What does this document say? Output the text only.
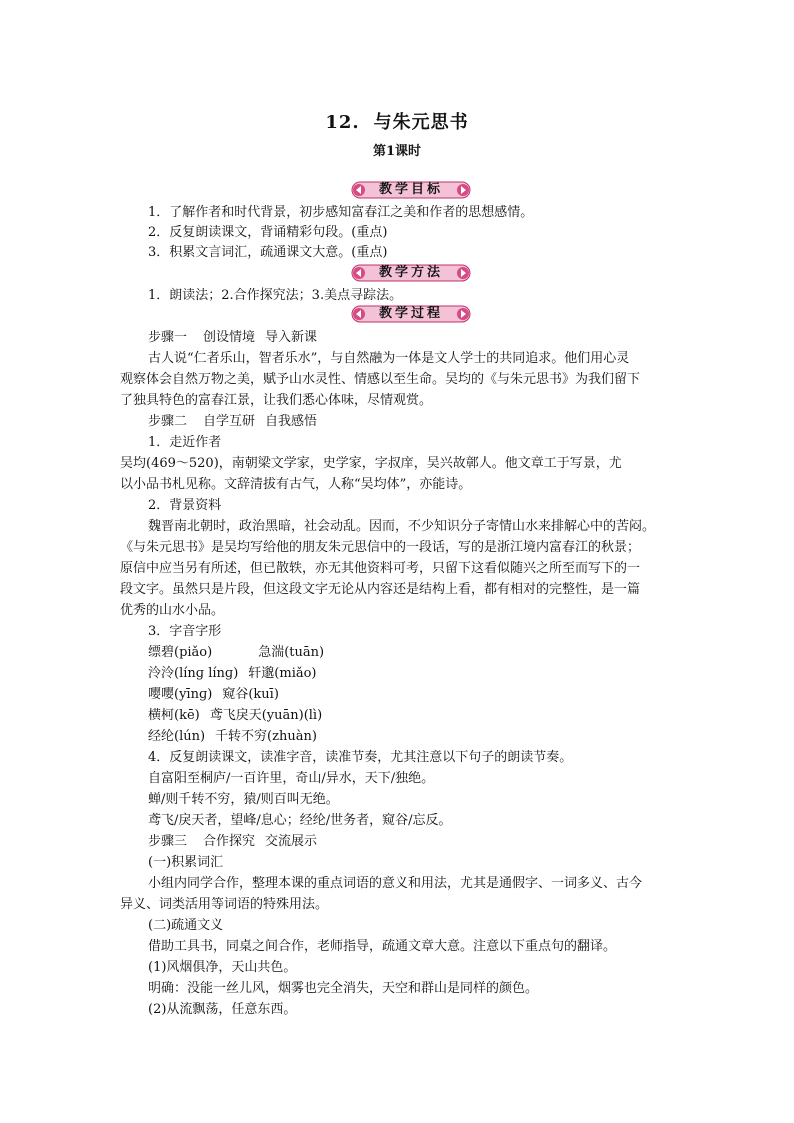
12. 与朱元思书
第1课时
教学目标
1．了解作者和时代背景，初步感知富春江之美和作者的思想感情。
2．反复朗读课文，背诵精彩句段。(重点)
3．积累文言词汇，疏通课文大意。(重点)
教学方法
1．朗读法；2.合作探究法；3.美点寻踪法。
教学过程
步骤一 创设情境 导入新课
古人说“仁者乐山，智者乐水”，与自然融为一体是文人学士的共同追求。他们用心灵
观察体会自然万物之美，赋予山水灵性、情感以至生命。吴均的《与朱元思书》为我们留下
了独具特色的富春江景，让我们悉心体味，尽情观赏。
步骤二 自学互研 自我感悟
1．走近作者
吴均(469～520)，南朝梁文学家，史学家，字叔庠，吴兴故鄣人。他文章工于写景，尤
以小品书札见称。文辞清拔有古气，人称“吴均体”，亦能诗。
2．背景资料
魏晋南北朝时，政治黑暗，社会动乱。因而，不少知识分子寄情山水来排解心中的苦闷。
《与朱元思书》是吴均写给他的朋友朱元思信中的一段话，写的是浙江境内富春江的秋景；
原信中应当另有所述，但已散轶，亦无其他资料可考，只留下这看似随兴之所至而写下的一
段文字。虽然只是片段，但这段文字无论从内容还是结构上看，都有相对的完整性，是一篇
优秀的山水小品。
3．字音字形
缥碧(piǎo)	急湍(tuān)
泠泠(línɡ línɡ) 轩邈(miǎo)
嘤嘤(yīnɡ) 窥谷(kuī)
横柯(kē) 鸢飞戾天(yuān)(lì)
经纶(lún) 千转不穷(zhuàn)
4．反复朗读课文，读准字音，读准节奏，尤其注意以下句子的朗读节奏。
自富阳至桐庐/一百许里，奇山/异水，天下/独绝。
蝉/则千转不穷，猿/则百叫无绝。
鸢飞/戾天者，望峰/息心；经纶/世务者，窥谷/忘反。
步骤三 合作探究 交流展示
(一)积累词汇
小组内同学合作，整理本课的重点词语的意义和用法，尤其是通假字、一词多义、古今
异义、词类活用等词语的特殊用法。
(二)疏通文义
借助工具书，同桌之间合作，老师指导，疏通文章大意。注意以下重点句的翻译。
(1)风烟俱净，天山共色。
明确：没能一丝儿风，烟雾也完全消失，天空和群山是同样的颜色。
(2)从流飘荡，任意东西。
